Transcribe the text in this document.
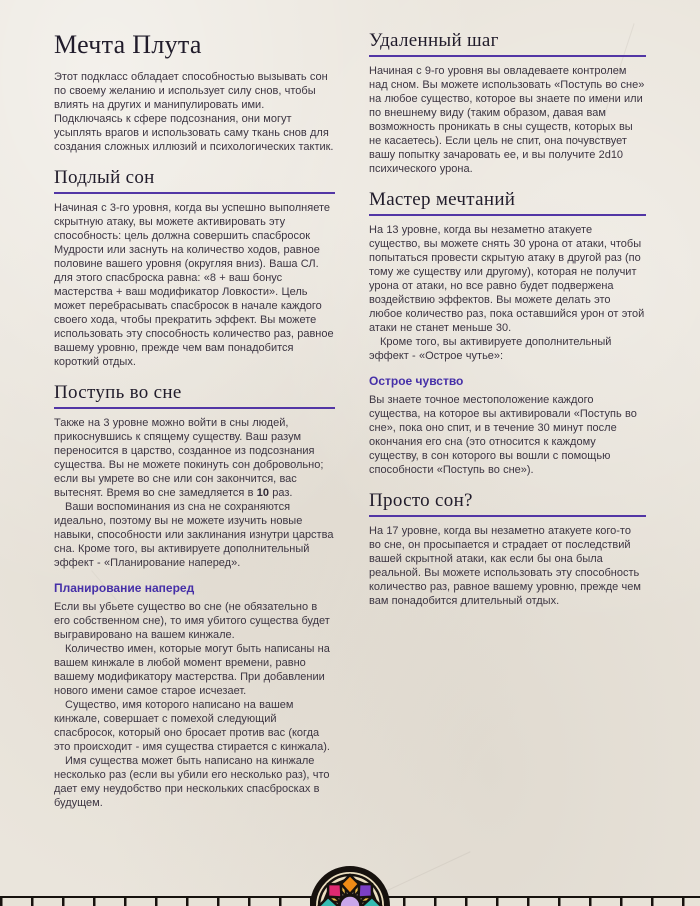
Мечта Плута

Этот подкласс обладает способностью вызывать сон по своему желанию и использует силу снов, чтобы влиять на других и манипулировать ими. Подключаясь к сфере подсознания, они могут усыплять врагов и использовать саму ткань снов для создания сложных иллюзий и психологических тактик.

Подлый сон

Начиная с 3-го уровня, когда вы успешно выполняете скрытную атаку, вы можете активировать эту способность: цель должна совершить спасбросок Мудрости или заснуть на количество ходов, равное половине вашего уровня (округляя вниз). Ваша СЛ. для этого спасброска равна: «8 + ваш бонус мастерства + ваш модификатор Ловкости». Цель может перебрасывать спасбросок в начале каждого своего хода, чтобы прекратить эффект. Вы можете использовать эту способность количество раз, равное вашему уровню, прежде чем вам понадобится короткий отдых.

Поступь во сне

Также на 3 уровне можно войти в сны людей, прикоснувшись к спящему существу. Ваш разум переносится в царство, созданное из подсознания существа. Вы не можете покинуть сон добровольно; если вы умрете во сне или сон закончится, вас вытеснят. Время во сне замедляется в 10 раз.

Ваши воспоминания из сна не сохраняются идеально, поэтому вы не можете изучить новые навыки, способности или заклинания изнутри царства сна. Кроме того, вы активируете дополнительный эффект - «Планирование наперед».

Планирование наперед

Если вы убьете существо во сне (не обязательно в его собственном сне), то имя убитого существа будет выгравировано на вашем кинжале.

Количество имен, которые могут быть написаны на вашем кинжале в любой момент времени, равно вашему модификатору мастерства. При добавлении нового имени самое старое исчезает.

Существо, имя которого написано на вашем кинжале, совершает с помехой следующий спасбросок, который оно бросает против вас (когда это происходит - имя существа стирается с кинжала).

Имя существа может быть написано на кинжале несколько раз (если вы убили его несколько раз), что дает ему неудобство при нескольких спасбросках в будущем.

Удаленный шаг

Начиная с 9-го уровня вы овладеваете контролем над сном. Вы можете использовать «Поступь во сне» на любое существо, которое вы знаете по имени или по внешнему виду (таким образом, давая вам возможность проникать в сны существ, которых вы не касаетесь). Если цель не спит, она почувствует вашу попытку зачаровать ее, и вы получите 2d10 психического урона.

Мастер мечтаний

На 13 уровне, когда вы незаметно атакуете существо, вы можете снять 30 урона от атаки, чтобы попытаться провести скрытую атаку в другой раз (по тому же существу или другому), которая не получит урона от атаки, но все равно будет подвержена воздействию эффектов. Вы можете делать это любое количество раз, пока оставшийся урон от этой атаки не станет меньше 30.

Кроме того, вы активируете дополнительный эффект - «Острое чутье»:

Острое чувство

Вы знаете точное местоположение каждого существа, на которое вы активировали «Поступь во сне», пока оно спит, и в течение 30 минут после окончания его сна (это относится к каждому существу, в сон которого вы вошли с помощью способности «Поступь во сне»).

Просто сон?

На 17 уровне, когда вы незаметно атакуете кого-то во сне, он просыпается и страдает от последствий вашей скрытной атаки, как если бы она была реальной. Вы можете использовать эту способность количество раз, равное вашему уровню, прежде чем вам понадобится длительный отдых.
